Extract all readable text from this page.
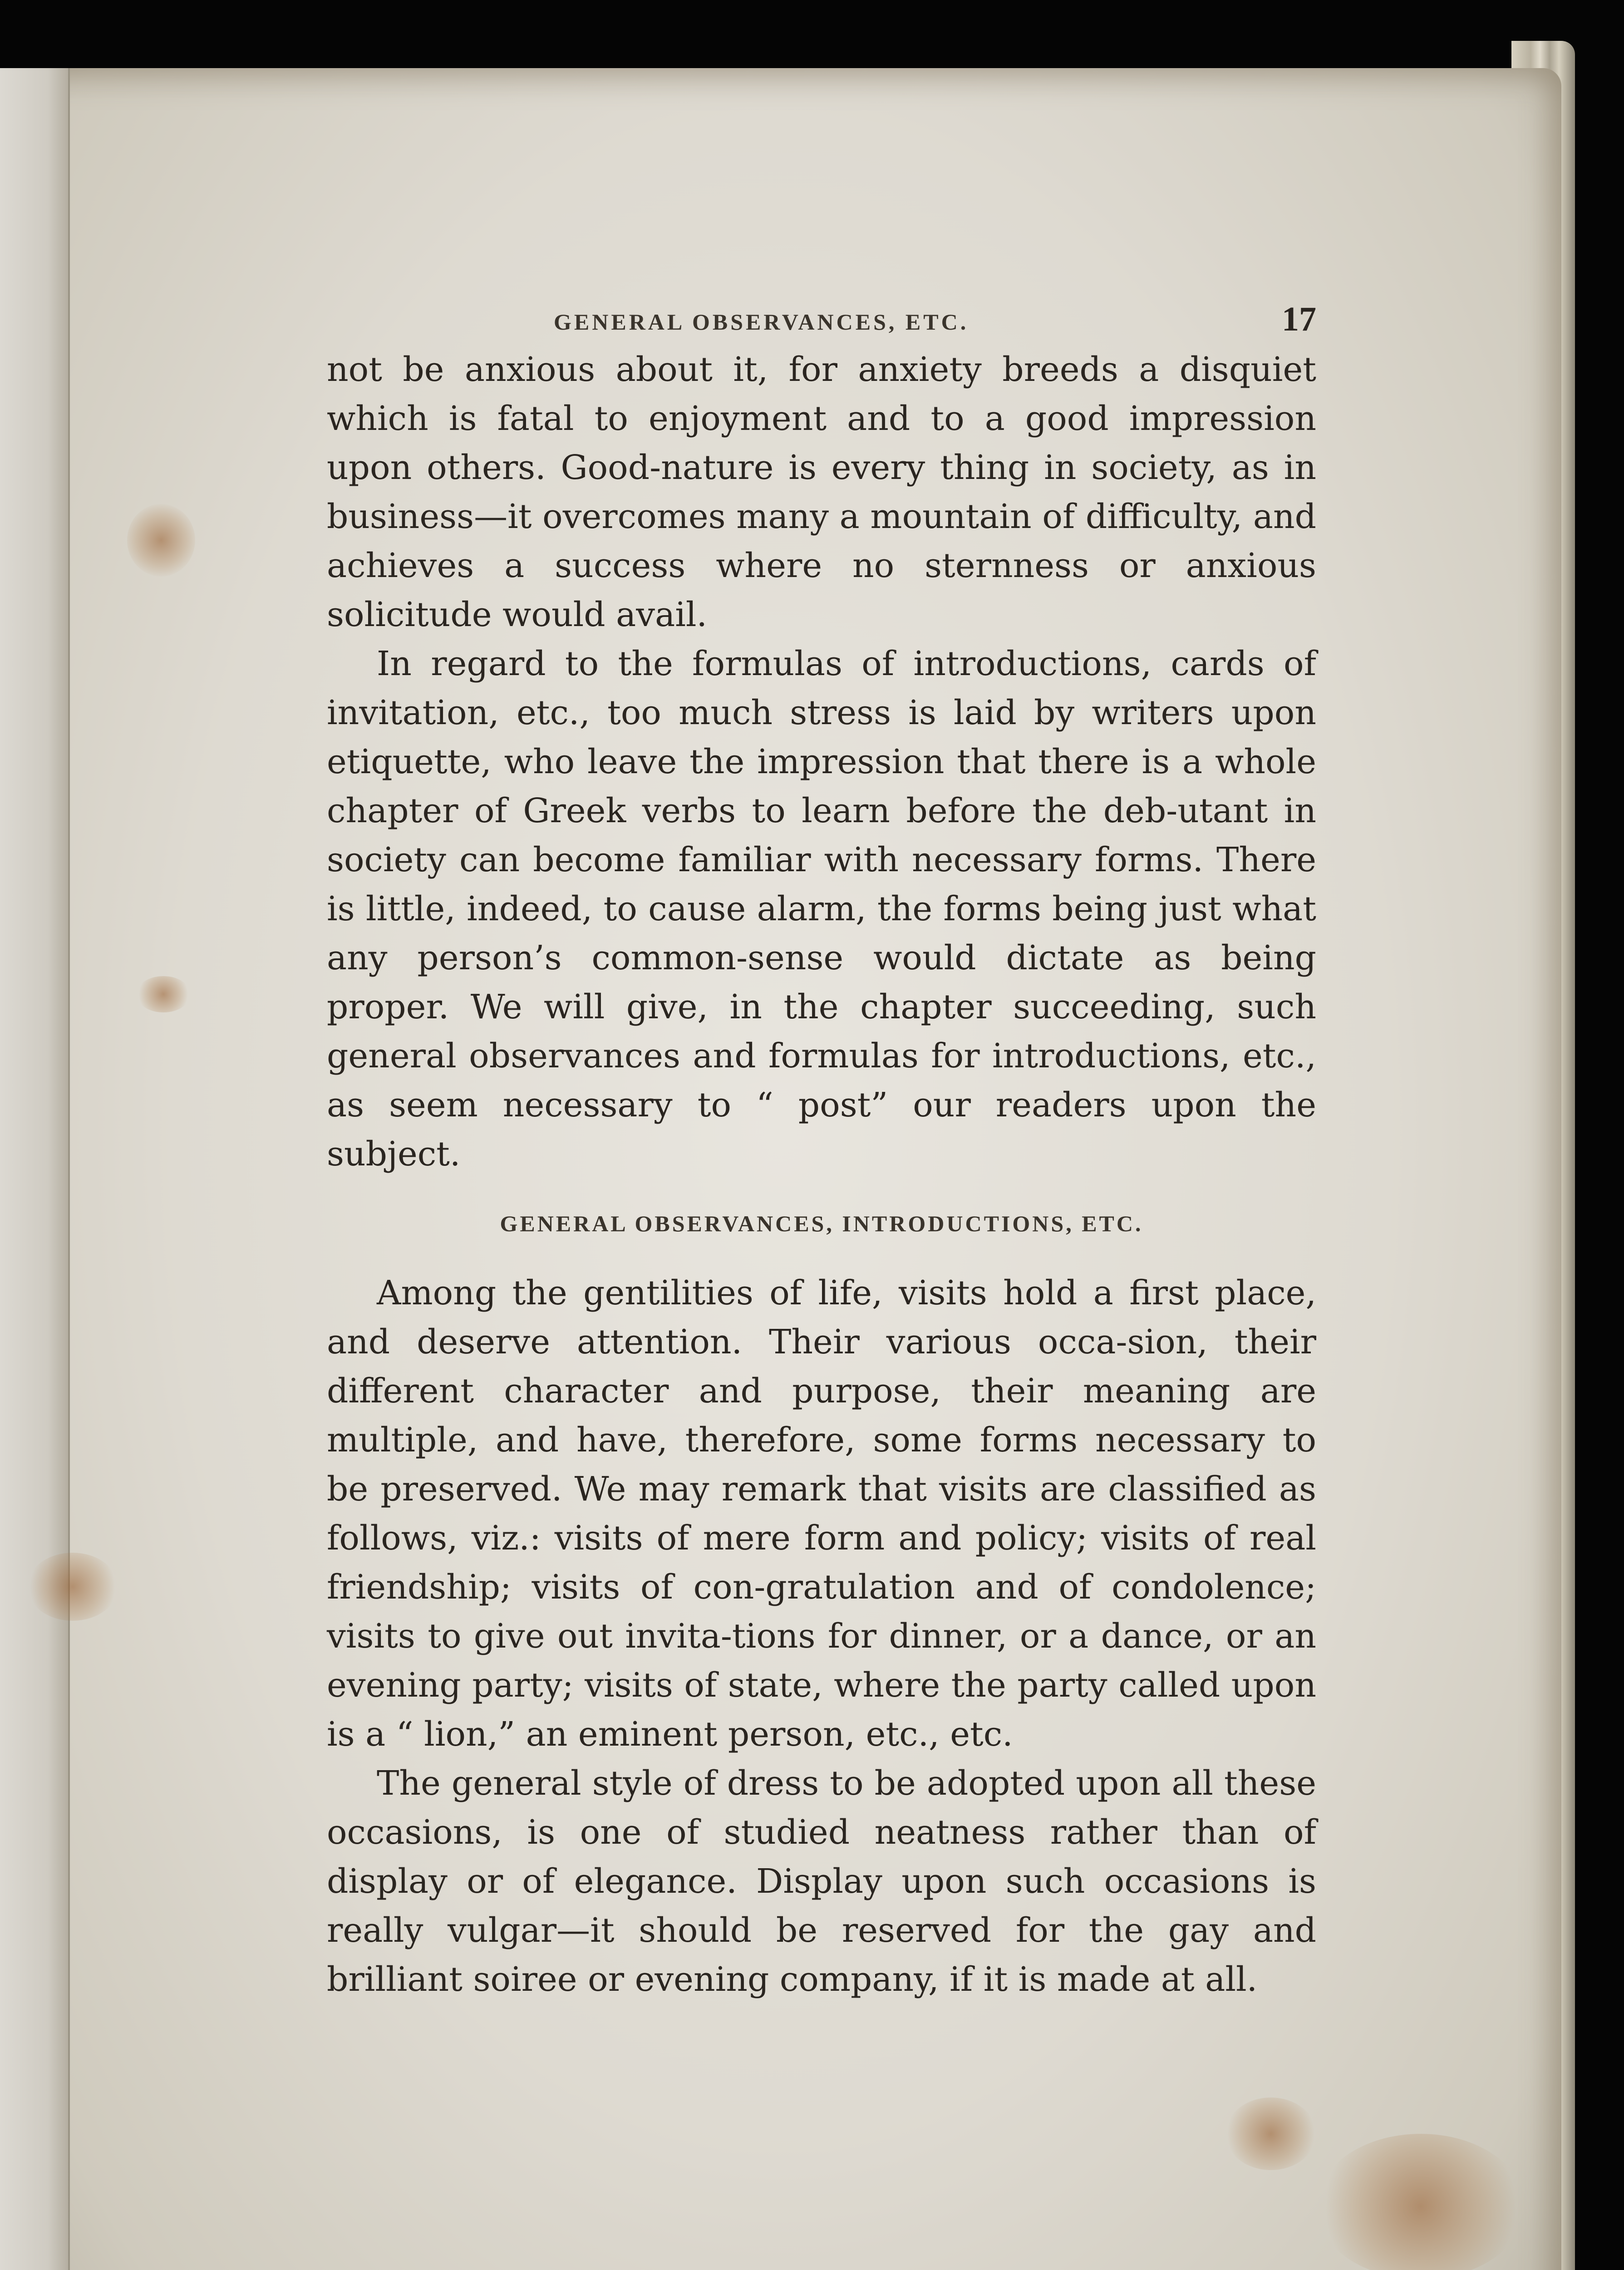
GENERAL OBSERVANCES, ETC.	17

not be anxious about it, for anxiety breeds a disquiet which is fatal to enjoyment and to a good impression upon others. Good-nature is every thing in society, as in business—it overcomes many a mountain of difficulty, and achieves a success where no sternness or anxious solicitude would avail.

In regard to the formulas of introductions, cards of invitation, etc., too much stress is laid by writers upon etiquette, who leave the impression that there is a whole chapter of Greek verbs to learn before the deb-utant in society can become familiar with necessary forms. There is little, indeed, to cause alarm, the forms being just what any person’s common-sense would dictate as being proper. We will give, in the chapter succeeding, such general observances and formulas for introductions, etc., as seem necessary to “ post” our readers upon the subject.

GENERAL OBSERVANCES, INTRODUCTIONS, ETC.

Among the gentilities of life, visits hold a first place, and deserve attention. Their various occa-sion, their different character and purpose, their meaning are multiple, and have, therefore, some forms necessary to be preserved. We may remark that visits are classified as follows, viz.: visits of mere form and policy; visits of real friendship; visits of con-gratulation and of condolence; visits to give out invita-tions for dinner, or a dance, or an evening party; visits of state, where the party called upon is a “ lion,” an eminent person, etc., etc.

The general style of dress to be adopted upon all these occasions, is one of studied neatness rather than of display or of elegance. Display upon such occasions is really vulgar—it should be reserved for the gay and brilliant soiree or evening company, if it is made at all.
